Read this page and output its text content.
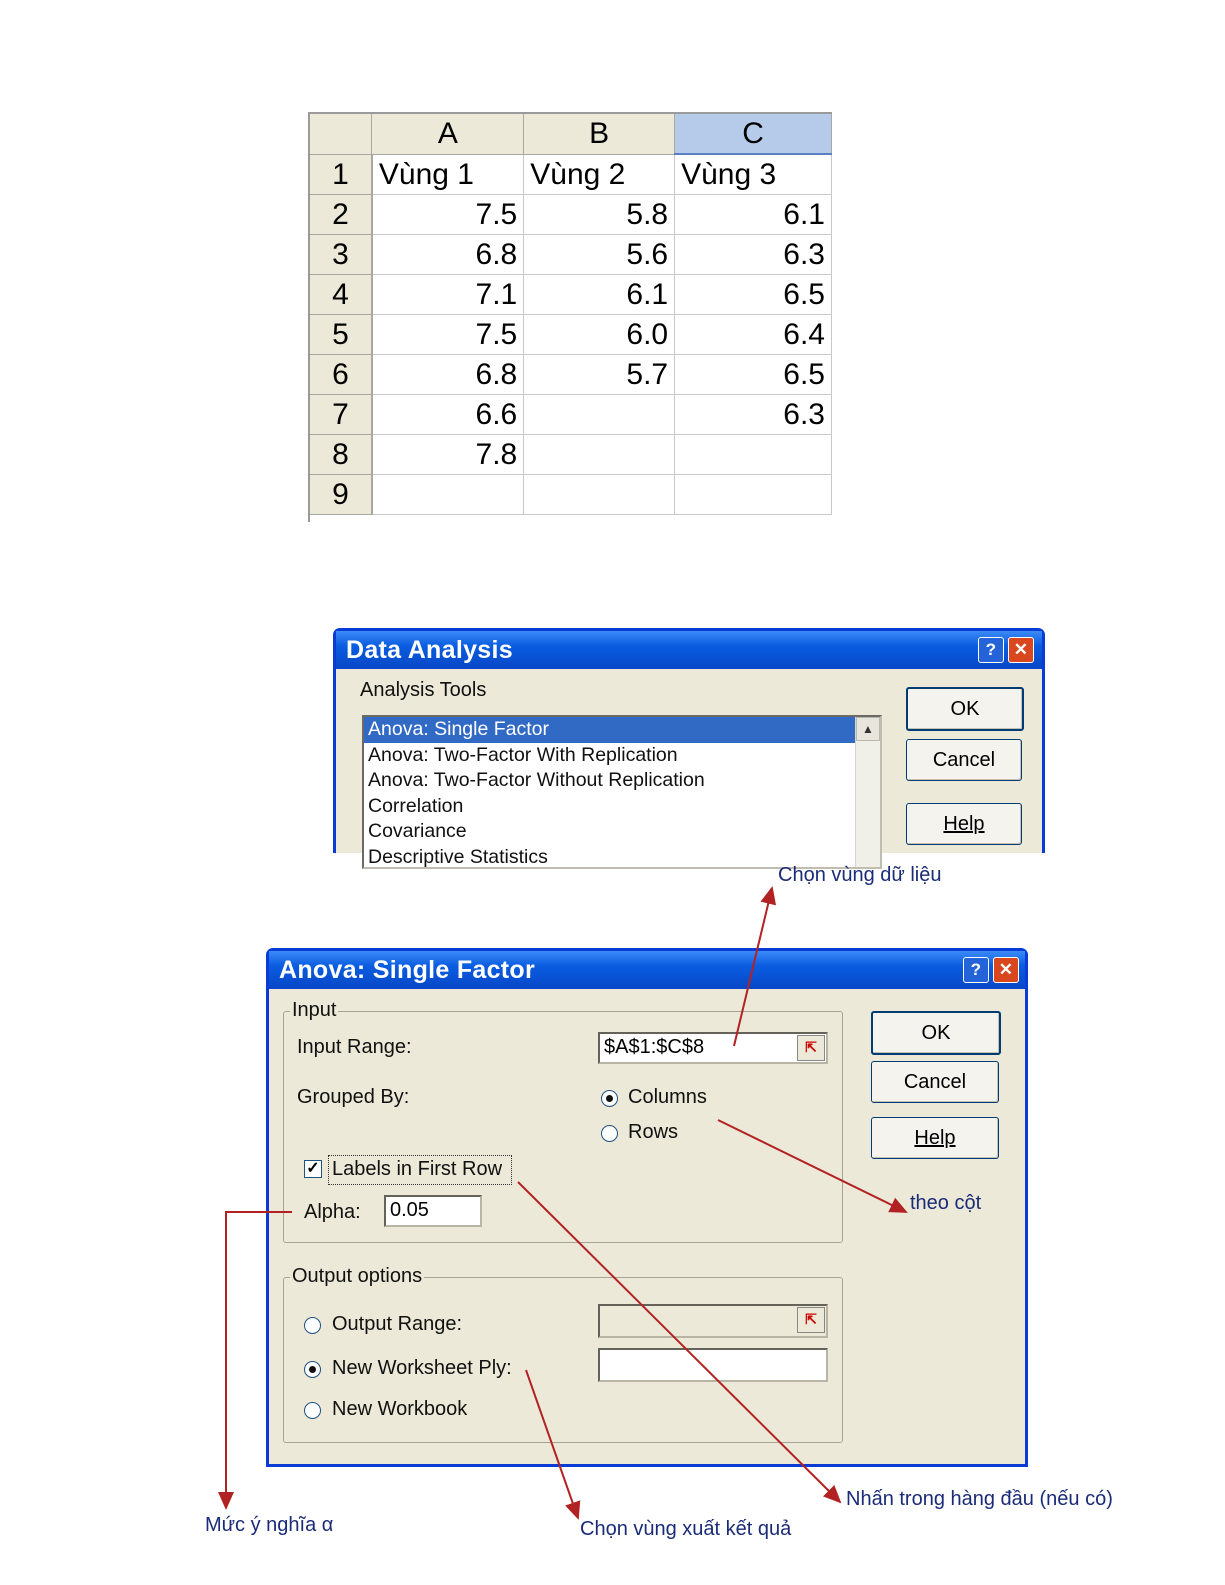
	A	B	C
1	Vùng 1	Vùng 2	Vùng 3
2	7.5	5.8	6.1
3	6.8	5.6	6.3
4	7.1	6.1	6.5
5	7.5	6.0	6.4
6	6.8	5.7	6.5
7	6.6		6.3
8	7.8		
9			
Data Analysis	?	✕
Analysis Tools
Anova: Single Factor
Anova: Two-Factor With Replication
Anova: Two-Factor Without Replication
Correlation
Covariance
Descriptive Statistics
▲
OK
Cancel
Help
Anova: Single Factor	?	✕
Input
Input Range:	$A$1:$C$8	⇱
Grouped By:	Columns
Rows
✓ Labels in First Row
Alpha:	0.05
Output options
Output Range:	⇱
New Worksheet Ply:
New Workbook
OK
Cancel
Help
Chọn vùng dữ liệu
theo cột
Nhấn trong hàng đầu (nếu có)
Mức ý nghĩa α	Chọn vùng xuất kết quả
